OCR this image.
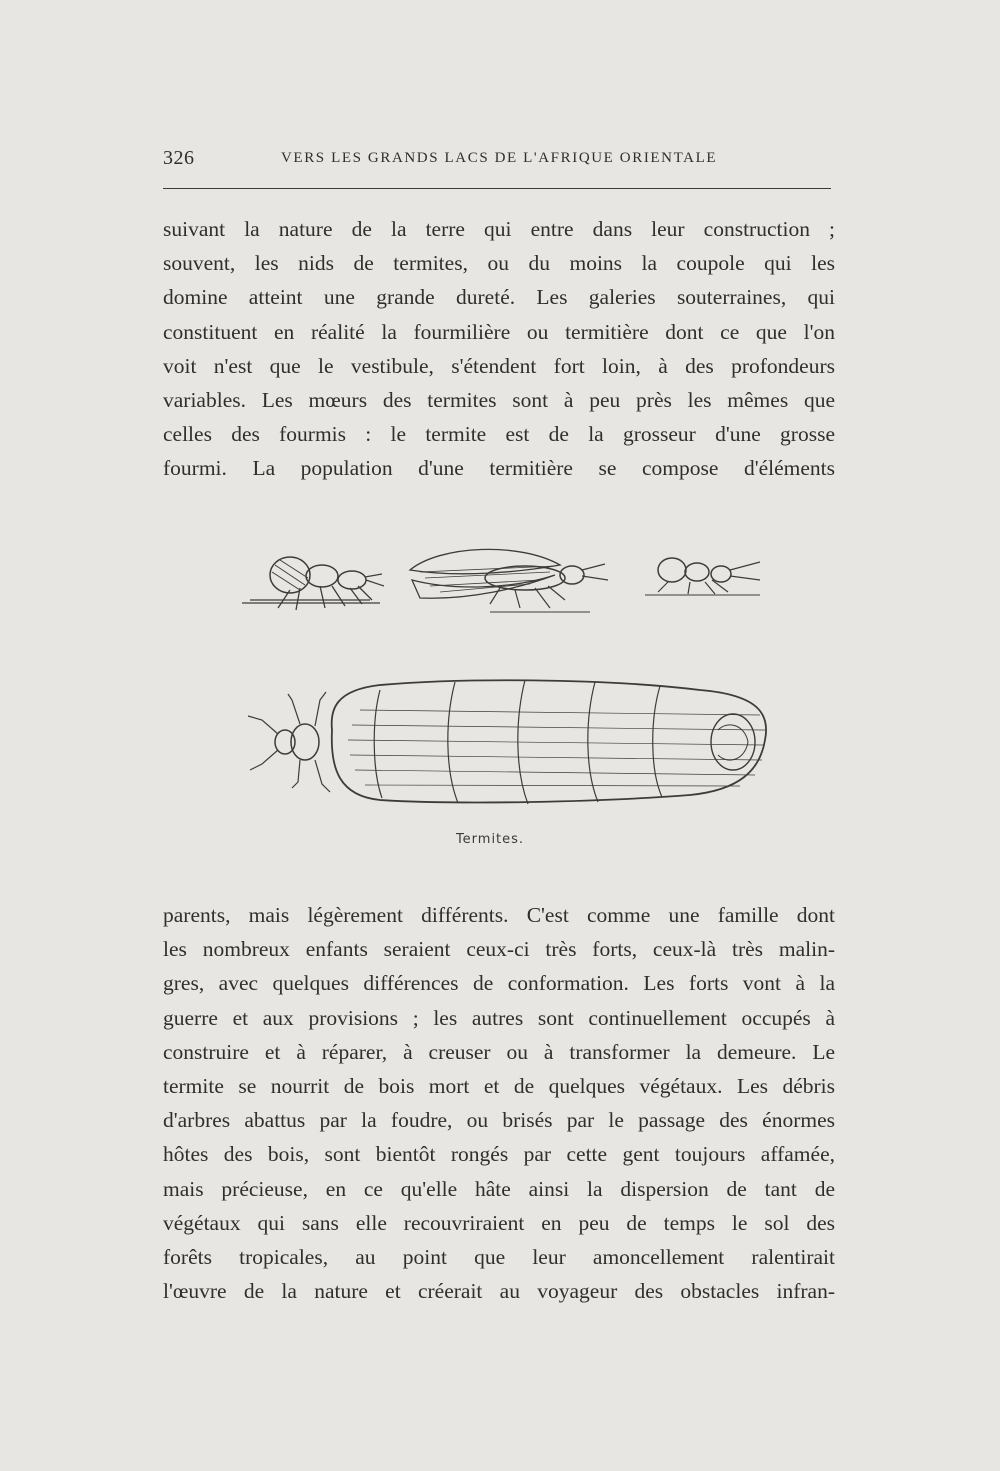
326	VERS LES GRANDS LACS DE L'AFRIQUE ORIENTALE
suivant la nature de la terre qui entre dans leur construction ;
souvent, les nids de termites, ou du moins la coupole qui les
domine atteint une grande dureté. Les galeries souterraines, qui
constituent en réalité la fourmilière ou termitière dont ce que l'on
voit n'est que le vestibule, s'étendent fort loin, à des profondeurs
variables. Les mœurs des termites sont à peu près les mêmes que
celles des fourmis : le termite est de la grosseur d'une grosse
fourmi. La population d'une termitière se compose d'éléments
Termites.
parents, mais légèrement différents. C'est comme une famille dont
les nombreux enfants seraient ceux-ci très forts, ceux-là très malin-
gres, avec quelques différences de conformation. Les forts vont à la
guerre et aux provisions ; les autres sont continuellement occupés à
construire et à réparer, à creuser ou à transformer la demeure. Le
termite se nourrit de bois mort et de quelques végétaux. Les débris
d'arbres abattus par la foudre, ou brisés par le passage des énormes
hôtes des bois, sont bientôt rongés par cette gent toujours affamée,
mais précieuse, en ce qu'elle hâte ainsi la dispersion de tant de
végétaux qui sans elle recouvriraient en peu de temps le sol des
forêts tropicales, au point que leur amoncellement ralentirait
l'œuvre de la nature et créerait au voyageur des obstacles infran-
